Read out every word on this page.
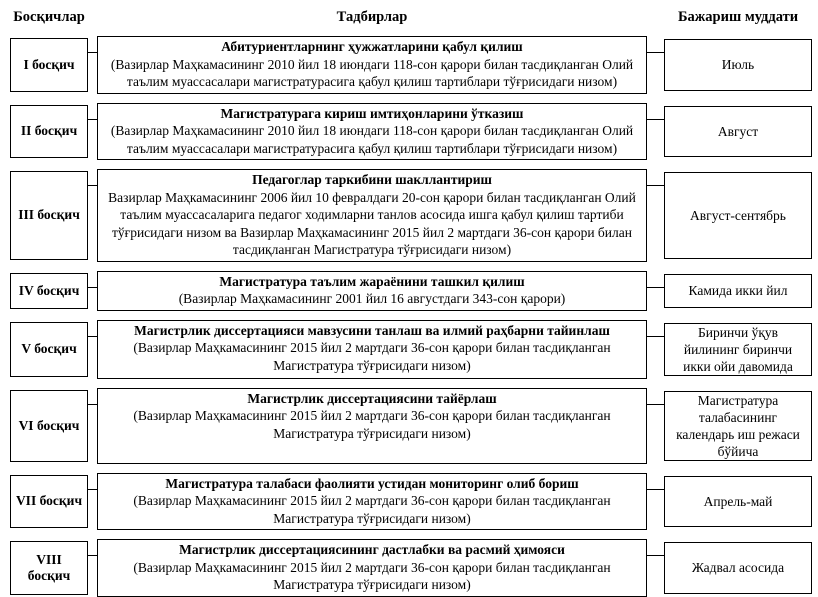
Босқичлар	Тадбирлар	Бажариш муддати
I босқич
Абитуриентларнинг ҳужжатларини қабул қилиш
(Вазирлар Маҳкамасининг 2010 йил 18 июндаги 118-сон қарори билан тасдиқланган Олий таълим муассасалари магистратурасига қабул қилиш тартиблари тўғрисидаги низом)
Июль
II босқич
Магистратурага кириш имтиҳонларини ўтказиш
(Вазирлар Маҳкамасининг 2010 йил 18 июндаги 118-сон қарори билан тасдиқланган Олий таълим муассасалари магистратурасига қабул қилиш тартиблари тўғрисидаги низом)
Август
III босқич
Педагоглар таркибини шакллантириш
Вазирлар Маҳкамасининг 2006 йил 10 февралдаги 20-сон қарори билан тасдиқланган Олий таълим муассасаларига педагог ходимларни танлов асосида ишга қабул қилиш тартиби тўғрисидаги низом ва Вазирлар Маҳкамасининг 2015 йил 2 мартдаги 36-сон қарори билан тасдиқланган Магистратура тўғрисидаги низом)
Август-сентябрь
IV босқич
Магистратура таълим жараёнини ташкил қилиш
(Вазирлар Маҳкамасининг 2001 йил 16 августдаги 343-сон қарори)
Камида икки йил
V босқич
Магистрлик диссертацияси мавзусини танлаш ва илмий раҳбарни тайинлаш
(Вазирлар Маҳкамасининг 2015 йил 2 мартдаги 36-сон қарори билан тасдиқланган Магистратура тўғрисидаги низом)
Биринчи ўқув йилининг биринчи икки ойи давомида
VI босқич
Магистрлик диссертациясини тайёрлаш
(Вазирлар Маҳкамасининг 2015 йил 2 мартдаги 36-сон қарори билан тасдиқланган Магистратура тўғрисидаги низом)
Магистратура талабасининг календарь иш режаси бўйича
VII босқич
Магистратура талабаси фаолияти устидан мониторинг олиб бориш
(Вазирлар Маҳкамасининг 2015 йил 2 мартдаги 36-сон қарори билан тасдиқланган Магистратура тўғрисидаги низом)
Апрель-май
VIII
босқич
Магистрлик диссертациясининг дастлабки ва расмий ҳимояси
(Вазирлар Маҳкамасининг 2015 йил 2 мартдаги 36-сон қарори билан тасдиқланган Магистратура тўғрисидаги низом)
Жадвал асосида
